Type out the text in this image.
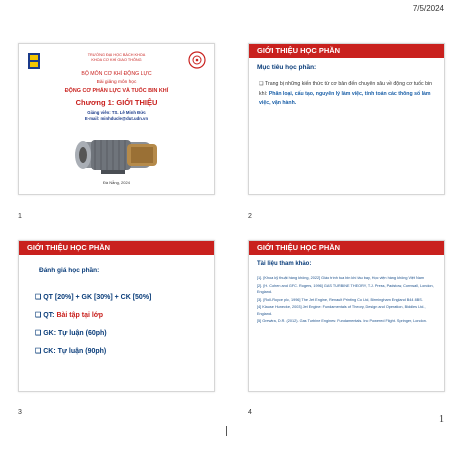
7/5/2024
TRƯỜNG ĐẠI HỌC BÁCH KHOA
KHOA CƠ KHÍ GIAO THÔNG
BỘ MÔN CƠ KHÍ ĐỘNG LỰC
Bài giảng môn học
ĐỘNG CƠ PHẢN LỰC VÀ TUỐC BIN KHÍ
Chương 1: GIỚI THIỆU
Giảng viên: TS. Lê Minh Đức
E-mail: minhducle@dut.udn.vn
Đà Nẵng, 2024
1
GIỚI THIỆU HỌC PHẦN
Mục tiêu học phần:
❑ Trang bị những kiến thức từ cơ bản đến chuyên sâu về động cơ tuốc bin khí: Phân loại, cấu tạo, nguyên lý làm việc, tính toán các thông số làm việc, vận hành.
2
GIỚI THIỆU HỌC PHẦN
Đánh giá học phần:
❑ QT [20%] + GK [30%] + CK [50%]
❑ QT: Bài tập tại lớp
❑ GK: Tự luận (60ph)
❑ CK: Tự luận (90ph)
3
GIỚI THIỆU HỌC PHẦN
Tài liệu tham khảo:

[1]. [Khoa kỹ thuật hàng không, 2022] Giáo trình tua bin khí tàu bay, Học viện hàng không Việt Nam

[2]. [H. Cohen and GFC. Rogers, 1996] GAS TURBINE THEORY, T.J. Press, Padstow, Cornwall, London, England.

[3]. [Roll-Royce plc, 1996] The Jet Engine, Renault Printing Co Ltd, Birmingham England B44 8BS.

[4] Klause Hunecke, 2003] Jet Engine: Fundamentals of Theory, Design and Operation, Biddles Ltd., England.

[5] Grewtra, D.R. (2012). Gas Turbine Engines: Fundamentals. Inc Powered Flight. Springer, London.

4
1
